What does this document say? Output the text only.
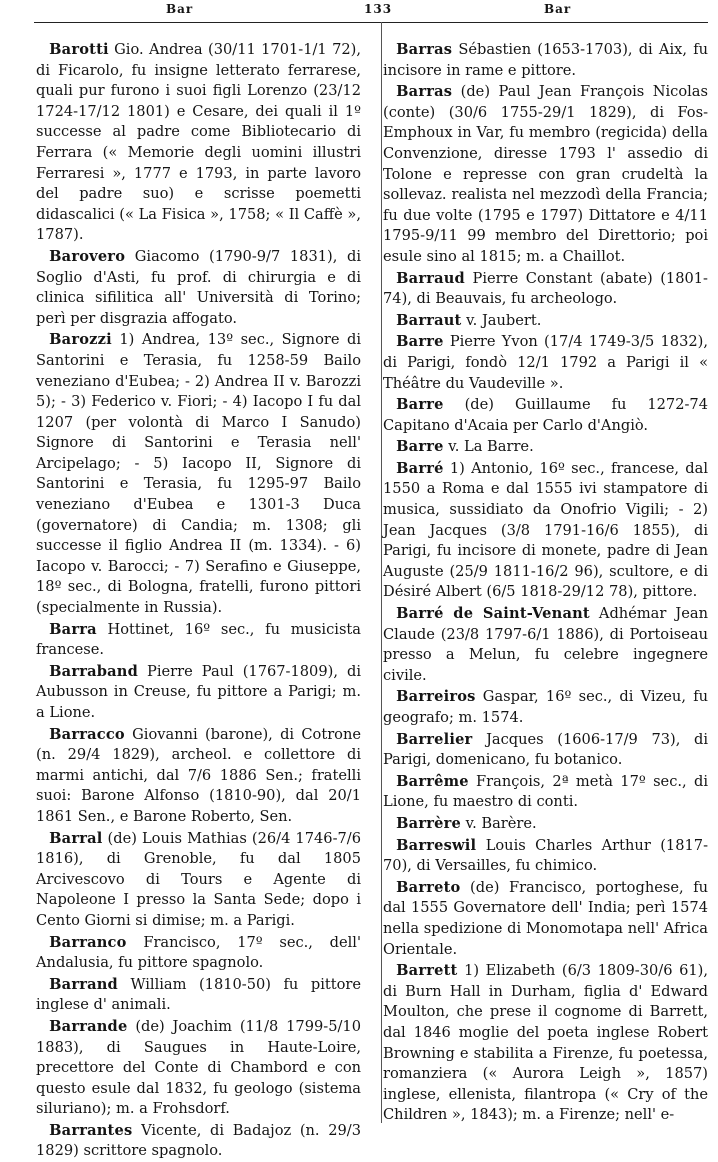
Bar	133	Bar

Barotti Gio. Andrea (30/11 1701-1/1 72), di Ficarolo, fu insigne letterato ferrarese, quali pur furono i suoi figli Lorenzo (23/12 1724-17/12 1801) e Cesare, dei quali il 1º successe al padre come Bibliotecario di Ferrara (« Memorie degli uomini illustri Ferraresi », 1777 e 1793, in parte lavoro del padre suo) e scrisse poemetti didascalici (« La Fisica », 1758; « Il Caffè », 1787).

Barovero Giacomo (1790-9/7 1831), di Soglio d'Asti, fu prof. di chirurgia e di clinica sifilitica all' Università di Torino; perì per disgrazia affogato.

Barozzi 1) Andrea, 13º sec., Signore di Santorini e Terasia, fu 1258-59 Bailo veneziano d'Eubea; - 2) Andrea II v. Barozzi 5); - 3) Federico v. Fiori; - 4) Iacopo I fu dal 1207 (per volontà di Marco I Sanudo) Signore di Santorini e Terasia nell' Arcipelago; - 5) Iacopo II, Signore di Santorini e Terasia, fu 1295-97 Bailo veneziano d'Eubea e 1301-3 Duca (governatore) di Candia; m. 1308; gli successe il figlio Andrea II (m. 1334). - 6) Iacopo v. Barocci; - 7) Serafino e Giuseppe, 18º sec., di Bologna, fratelli, furono pittori (specialmente in Russia).

Barra Hottinet, 16º sec., fu musicista francese.

Barraband Pierre Paul (1767-1809), di Aubusson in Creuse, fu pittore a Parigi; m. a Lione.

Barracco Giovanni (barone), di Cotrone (n. 29/4 1829), archeol. e collettore di marmi antichi, dal 7/6 1886 Sen.; fratelli suoi: Barone Alfonso (1810-90), dal 20/1 1861 Sen., e Barone Roberto, Sen.

Barral (de) Louis Mathias (26/4 1746-7/6 1816), di Grenoble, fu dal 1805 Arcivescovo di Tours e Agente di Napoleone I presso la Santa Sede; dopo i Cento Giorni si dimise; m. a Parigi.

Barranco Francisco, 17º sec., dell' Andalusia, fu pittore spagnolo.

Barrand William (1810-50) fu pittore inglese d' animali.

Barrande (de) Joachim (11/8 1799-5/10 1883), di Saugues in Haute-Loire, precettore del Conte di Chambord e con questo esule dal 1832, fu geologo (sistema siluriano); m. a Frohsdorf.

Barrantes Vicente, di Badajoz (n. 29/3 1829) scrittore spagnolo.

Barras Sébastien (1653-1703), di Aix, fu incisore in rame e pittore.

Barras (de) Paul Jean François Nicolas (conte) (30/6 1755-29/1 1829), di Fos-Emphoux in Var, fu membro (regicida) della Convenzione, diresse 1793 l' assedio di Tolone e represse con gran crudeltà la sollevaz. realista nel mezzodì della Francia; fu due volte (1795 e 1797) Dittatore e 4/11 1795-9/11 99 membro del Direttorio; poi esule sino al 1815; m. a Chaillot.

Barraud Pierre Constant (abate) (1801-74), di Beauvais, fu archeologo.

Barraut v. Jaubert.

Barre Pierre Yvon (17/4 1749-3/5 1832), di Parigi, fondò 12/1 1792 a Parigi il « Théâtre du Vaudeville ».

Barre (de) Guillaume fu 1272-74 Capitano d'Acaia per Carlo d'Angiò.

Barre v. La Barre.

Barré 1) Antonio, 16º sec., francese, dal 1550 a Roma e dal 1555 ivi stampatore di musica, sussidiato da Onofrio Vigili; - 2) Jean Jacques (3/8 1791-16/6 1855), di Parigi, fu incisore di monete, padre di Jean Auguste (25/9 1811-16/2 96), scultore, e di Désiré Albert (6/5 1818-29/12 78), pittore.

Barré de Saint-Venant Adhémar Jean Claude (23/8 1797-6/1 1886), di Portoiseau presso a Melun, fu celebre ingegnere civile.

Barreiros Gaspar, 16º sec., di Vizeu, fu geografo; m. 1574.

Barrelier Jacques (1606-17/9 73), di Parigi, domenicano, fu botanico.

Barrême François, 2ª metà 17º sec., di Lione, fu maestro di conti.

Barrère v. Barère.

Barreswil Louis Charles Arthur (1817-70), di Versailles, fu chimico.

Barreto (de) Francisco, portoghese, fu dal 1555 Governatore dell' India; perì 1574 nella spedizione di Monomotapa nell' Africa Orientale.

Barrett 1) Elizabeth (6/3 1809-30/6 61), di Burn Hall in Durham, figlia d' Edward Moulton, che prese il cognome di Barrett, dal 1846 moglie del poeta inglese Robert Browning e stabilita a Firenze, fu poetessa, romanziera (« Aurora Leigh », 1857) inglese, ellenista, filantropa (« Cry of the Children », 1843); m. a Firenze; nell' e-
